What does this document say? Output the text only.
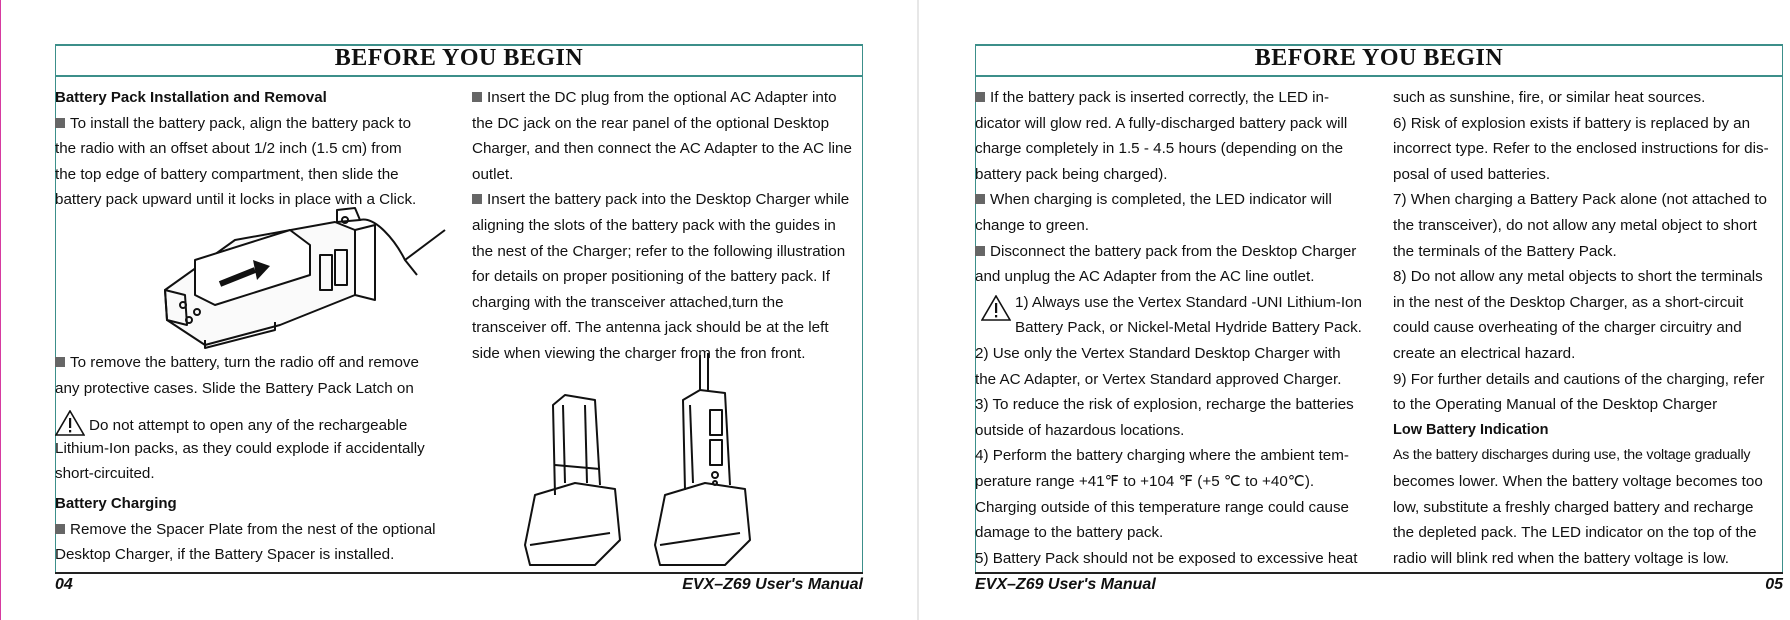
BEFORE YOU BEGIN
Battery Pack Installation and Removal
To install the battery pack, align the battery pack to
the radio with an offset about 1/2 inch (1.5 cm) from
the top edge of battery compartment, then slide the
battery pack upward until it locks in place with a Click.
To remove the battery, turn the radio off and remove
any protective cases. Slide the Battery Pack Latch on
Do not attempt to open any of the rechargeable
Lithium-Ion packs, as they could explode if accidentally
short-circuited.
Battery Charging
Remove the Spacer Plate from the nest of the optional
Desktop Charger, if the Battery Spacer is installed.
Insert the DC plug from the optional AC Adapter into
the DC jack on the rear panel of the optional Desktop
Charger, and then connect the AC Adapter to the AC line
outlet.
Insert the battery pack into the Desktop Charger while
aligning the slots of the battery pack with the guides in
the nest of the Charger; refer to the following illustration
for details on proper positioning of the battery pack. If
charging with the transceiver attached,turn the
transceiver off. The antenna jack should be at the left
side when viewing the charger from the fron front.
04	EVX–Z69 User's Manual
BEFORE YOU BEGIN
If the battery pack is inserted correctly, the LED in-
dicator will glow red. A fully-discharged battery pack will
charge completely in 1.5 - 4.5 hours (depending on the
battery pack being charged).
When charging is completed, the LED indicator will
change to green.
Disconnect the battery pack from the Desktop Charger
and unplug the AC Adapter from the AC line outlet.
1) Always use the Vertex Standard -UNI Lithium-Ion
Battery Pack, or Nickel-Metal Hydride Battery Pack.
2) Use only the Vertex Standard Desktop Charger with
the AC Adapter, or Vertex Standard approved Charger.
3) To reduce the risk of explosion, recharge the batteries
outside of hazardous locations.
4) Perform the battery charging where the ambient tem-
perature range +41℉ to +104 ℉ (+5 ℃ to +40℃).
Charging outside of this temperature range could cause
damage to the battery pack.
5) Battery Pack should not be exposed to excessive heat
such as sunshine, fire, or similar heat sources.
6) Risk of explosion exists if battery is replaced by an
incorrect type. Refer to the enclosed instructions for dis-
posal of used batteries.
7) When charging a Battery Pack alone (not attached to
the transceiver), do not allow any metal object to short
the terminals of the Battery Pack.
8) Do not allow any metal objects to short the terminals
in the nest of the Desktop Charger, as a short-circuit
could cause overheating of the charger circuitry and
create an electrical hazard.
9) For further details and cautions of the charging, refer
to the Operating Manual of the Desktop Charger
Low Battery Indication
As the battery discharges during use, the voltage gradually
becomes lower. When the battery voltage becomes too
low, substitute a freshly charged battery and recharge
the depleted pack. The LED indicator on the top of the
radio will blink red when the battery voltage is low.
EVX–Z69 User's Manual	05
